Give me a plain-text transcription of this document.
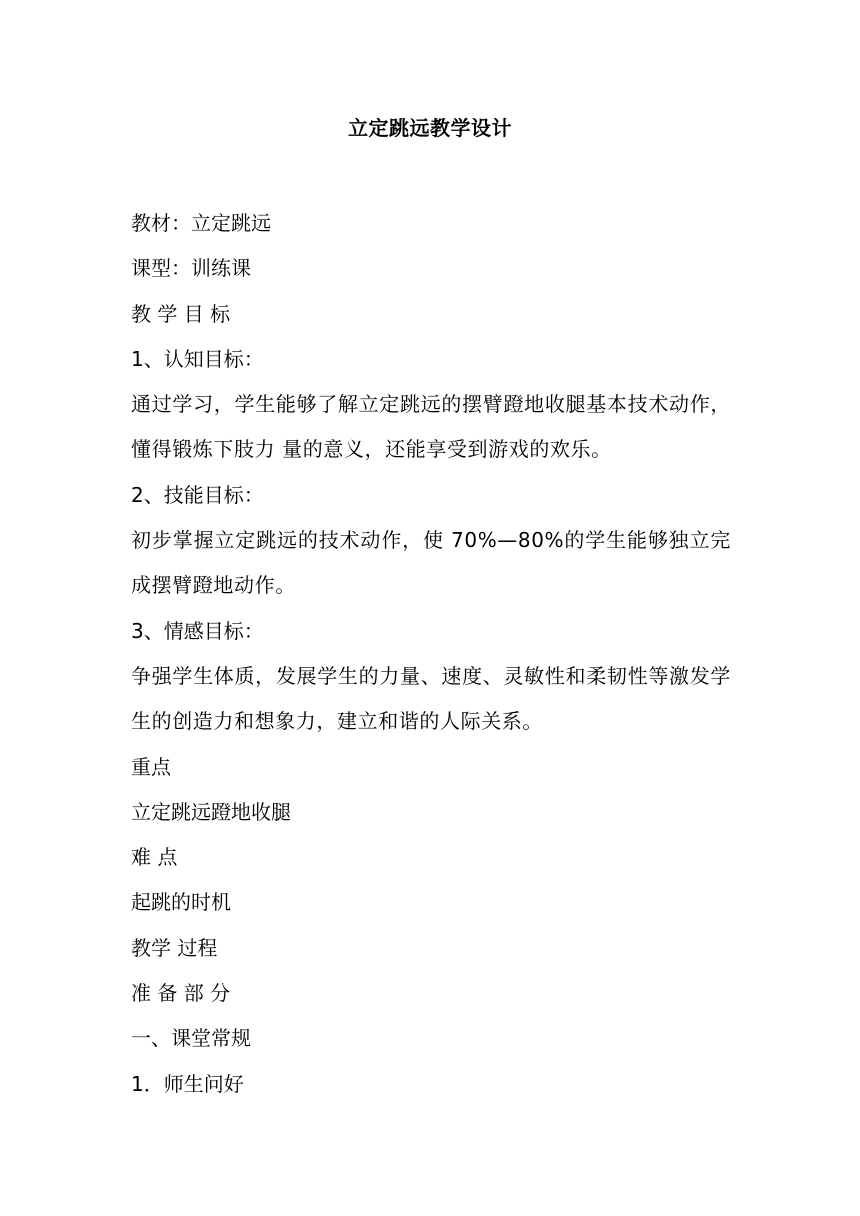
立定跳远教学设计
教材：立定跳远
课型：训练课
教 学 目 标
1、认知目标：
通过学习，学生能够了解立定跳远的摆臂蹬地收腿基本技术动作，懂得锻炼下肢力 量的意义，还能享受到游戏的欢乐。
2、技能目标：
初步掌握立定跳远的技术动作，使 70%—80%的学生能够独立完成摆臂蹬地动作。
3、情感目标：
争强学生体质，发展学生的力量、速度、灵敏性和柔韧性等激发学生的创造力和想象力，建立和谐的人际关系。
重点
立定跳远蹬地收腿
难 点
起跳的时机
教学 过程
准 备 部 分
一、课堂常规
1．师生问好
